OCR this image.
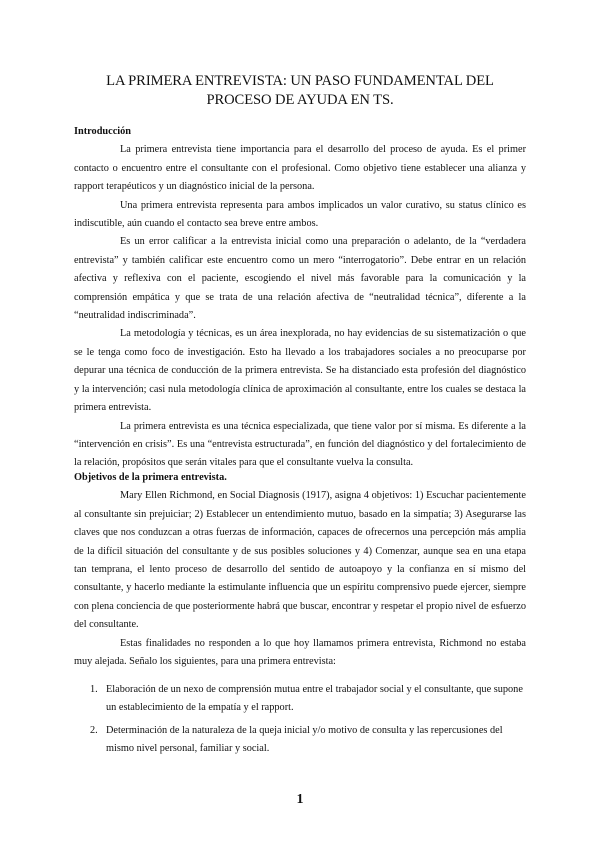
LA PRIMERA ENTREVISTA: UN PASO FUNDAMENTAL DEL
PROCESO DE AYUDA EN TS.

Introducción

La primera entrevista tiene importancia para el desarrollo del proceso de ayuda. Es el primer contacto o encuentro entre el consultante con el profesional. Como objetivo tiene establecer una alianza y rapport terapéuticos y un diagnóstico inicial de la persona.

Una primera entrevista representa para ambos implicados un valor curativo, su status clínico es indiscutible, aún cuando el contacto sea breve entre ambos.

Es un error calificar a la entrevista inicial como una preparación o adelanto, de la “verdadera entrevista” y también calificar este encuentro como un mero “interrogatorio”. Debe entrar en un relación afectiva y reflexiva con el paciente, escogiendo el nivel más favorable para la comunicación y la comprensión empática y que se trata de una relación afectiva de “neutralidad técnica”, diferente a la “neutralidad indiscriminada”.

La metodología y técnicas, es un área inexplorada, no hay evidencias de su sistematización o que se le tenga como foco de investigación. Esto ha llevado a los trabajadores sociales a no preocuparse por depurar una técnica de conducción de la primera entrevista. Se ha distanciado esta profesión del diagnóstico y la intervención; casi nula metodología clínica de aproximación al consultante, entre los cuales se destaca la primera entrevista.

La primera entrevista es una técnica especializada, que tiene valor por sí misma. Es diferente a la “intervención en crisis”. Es una “entrevista estructurada”, en función del diagnóstico y del fortalecimiento de la relación, propósitos que serán vitales para que el consultante vuelva la consulta.

Objetivos de la primera entrevista.

Mary Ellen Richmond, en Social Diagnosis (1917), asigna 4 objetivos: 1) Escuchar pacientemente al consultante sin prejuiciar; 2) Establecer un entendimiento mutuo, basado en la simpatía; 3) Asegurarse las claves que nos conduzcan a otras fuerzas de información, capaces de ofrecernos una percepción más amplia de la difícil situación del consultante y de sus posibles soluciones y 4) Comenzar, aunque sea en una etapa tan temprana, el lento proceso de desarrollo del sentido de autoapoyo y la confianza en sí mismo del consultante, y hacerlo mediante la estimulante influencia que un espíritu comprensivo puede ejercer, siempre con plena conciencia de que posteriormente habrá que buscar, encontrar y respetar el propio nivel de esfuerzo del consultante.

Estas finalidades no responden a lo que hoy llamamos primera entrevista, Richmond no estaba muy alejada. Señalo los siguientes, para una primera entrevista:

1. Elaboración de un nexo de comprensión mutua entre el trabajador social y el consultante, que supone un establecimiento de la empatía y el rapport.
2. Determinación de la naturaleza de la queja inicial y/o motivo de consulta y las repercusiones del mismo nivel personal, familiar y social.
1
